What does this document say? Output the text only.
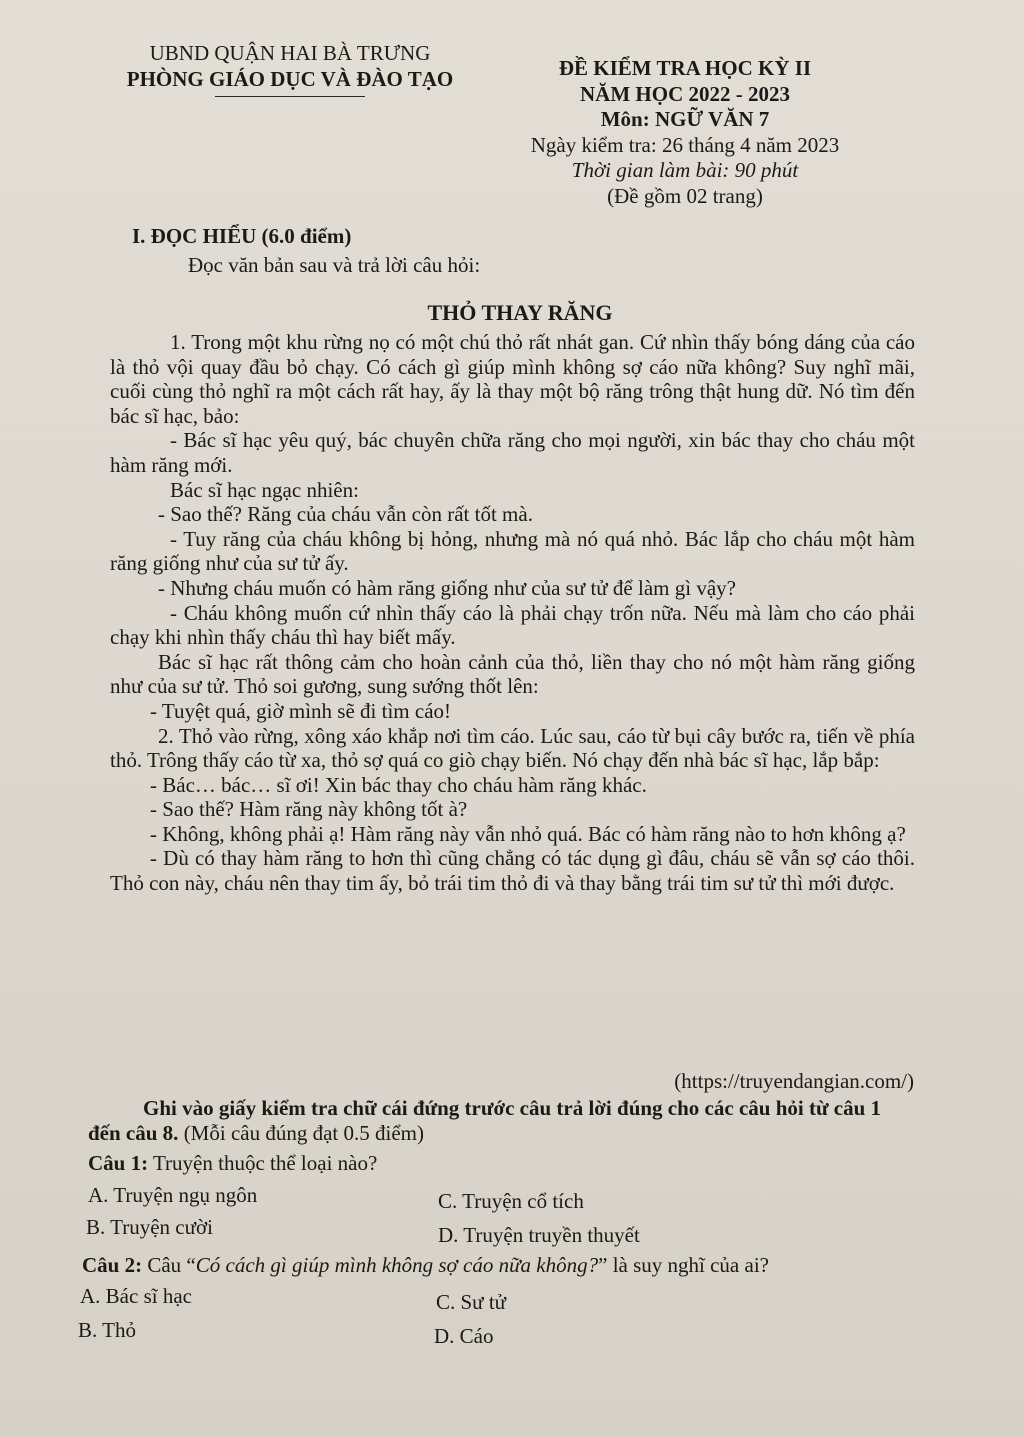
UBND QUẬN HAI BÀ TRƯNG
PHÒNG GIÁO DỤC VÀ ĐÀO TẠO	ĐỀ KIỂM TRA HỌC KỲ II
NĂM HỌC 2022 - 2023
Môn: NGỮ VĂN 7
Ngày kiểm tra: 26 tháng 4 năm 2023
Thời gian làm bài: 90 phút
(Đề gồm 02 trang)
I. ĐỌC HIỂU (6.0 điểm)
Đọc văn bản sau và trả lời câu hỏi:
THỎ THAY RĂNG

1. Trong một khu rừng nọ có một chú thỏ rất nhát gan. Cứ nhìn thấy bóng dáng của cáo là thỏ vội quay đầu bỏ chạy. Có cách gì giúp mình không sợ cáo nữa không? Suy nghĩ mãi, cuối cùng thỏ nghĩ ra một cách rất hay, ấy là thay một bộ răng trông thật hung dữ. Nó tìm đến bác sĩ hạc, bảo:

- Bác sĩ hạc yêu quý, bác chuyên chữa răng cho mọi người, xin bác thay cho cháu một hàm răng mới.

Bác sĩ hạc ngạc nhiên:

- Sao thế? Răng của cháu vẫn còn rất tốt mà.

- Tuy răng của cháu không bị hỏng, nhưng mà nó quá nhỏ. Bác lắp cho cháu một hàm răng giống như của sư tử ấy.

- Nhưng cháu muốn có hàm răng giống như của sư tử để làm gì vậy?

- Cháu không muốn cứ nhìn thấy cáo là phải chạy trốn nữa. Nếu mà làm cho cáo phải chạy khi nhìn thấy cháu thì hay biết mấy.

Bác sĩ hạc rất thông cảm cho hoàn cảnh của thỏ, liền thay cho nó một hàm răng giống như của sư tử. Thỏ soi gương, sung sướng thốt lên:

- Tuyệt quá, giờ mình sẽ đi tìm cáo!

2. Thỏ vào rừng, xông xáo khắp nơi tìm cáo. Lúc sau, cáo từ bụi cây bước ra, tiến về phía thỏ. Trông thấy cáo từ xa, thỏ sợ quá co giò chạy biến. Nó chạy đến nhà bác sĩ hạc, lắp bắp:

- Bác… bác… sĩ ơi! Xin bác thay cho cháu hàm răng khác.

- Sao thế? Hàm răng này không tốt à?

- Không, không phải ạ! Hàm răng này vẫn nhỏ quá. Bác có hàm răng nào to hơn không ạ?

- Dù có thay hàm răng to hơn thì cũng chẳng có tác dụng gì đâu, cháu sẽ vẫn sợ cáo thôi. Thỏ con này, cháu nên thay tim ấy, bỏ trái tim thỏ đi và thay bằng trái tim sư tử thì mới được.

(https://truyendangian.com/)
Ghi vào giấy kiểm tra chữ cái đứng trước câu trả lời đúng cho các câu hỏi từ câu 1 đến câu 8. (Mỗi câu đúng đạt 0.5 điểm)
Câu 1: Truyện thuộc thể loại nào?
A. Truyện ngụ ngôn	C. Truyện cổ tích
B. Truyện cười	D. Truyện truyền thuyết
Câu 2: Câu “Có cách gì giúp mình không sợ cáo nữa không?” là suy nghĩ của ai?
A. Bác sĩ hạc	C. Sư tử
B. Thỏ	D. Cáo
